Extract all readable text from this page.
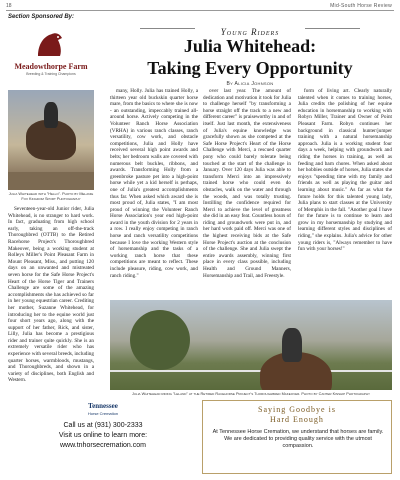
18	Mid-South Horse Review
Section Sponsored By:
Meadowthorpe Farm
Breeding & Training Champions
Young Riders
Julia Whitehead:
Taking Every Opportunity
By Alicia Johnson
Julia Whitehead with "Hello". Photo by Melanie Fox Kingdom Sport Photography

Seventeen-year-old Junior rider, Julia Whitehead, is no stranger to hard work. In fact, graduating from high school early, taking an off-the-track Thoroughbred (OTTB) to the Retired Racehorse Project's Thoroughbred Makeover, being a working student at Rolleys Miller's Point Pleasant Farm in Mount Pleasant, Miss., and putting 120 days on an unwanted and mistreated seven horse for the Safe Horse Project's Heart of the Horse Tiger and Trainers Challenge are some of the amazing accomplishments she has achieved so far in her young equestrian career. Crediting her mother, Suzanne Whitehead, for introducing her to the equine world just four short years ago, along with the support of her father, Rick, and sister, Lilly, Julia has become a prestigious rider and trainer quite quickly. She is an extremely versatile rider who has experience with several breeds, including quarter horses, warmbloods, mustangs, and Thoroughbreds, and shown in a variety of disciplines, both English and Western.

many, Holly. Julia has trained Holly, a thirteen year old buckskin quarter horse mare, from the basics to where she is now - an outstanding, impeccably trained all-around horse. Actively competing in the Volunteer Ranch Horse Association (VRHA) in various ranch classes, ranch versatility, cow work, and obstacle competitions, Julia and Holly have received several high point awards and belts; her bedroom walls are covered with numerous belt buckles, ribbons, and awards. Transforming Holly from a greenbroke pasture pet into a high-point horse while yet a kid herself is perhaps, one of Julia's greatest accomplishments thus far. When asked which award she is most proud of, Julia states, "I am most proud of winning the Volunteer Ranch Horse Association's year end high-point award in the youth division for 2 years in a row. I really enjoy competing in ranch horse and ranch versatility competitions because I love the working Western style of horsemanship and the tasks of a working ranch horse that these competitions are meant to reflect. These include pleasure, riding, cow work, and ranch riding."

over last year. The amount of dedication and motivation it took for Julia to challenge herself "by transforming a horse straight off the track to a new and different career" is praiseworthy in and of itself. Just last month, the extensiveness of Julia's equine knowledge was gracefully shown as she competed at the Safe Horse Project's Heart of the Horse Challenge with Merci, a rescued quarter pony who could barely tolerate being touched at the start of the challenge in January. Over 120 days Julia was able to transform Merci into an impressively trained horse who could even do obstacles, walk on the water and through the woods, and was totally trusting. Instilling the confidence required for Merci to achieve the level of greatness she did in an easy feat. Countless hours of riding and groundwork were put in, and her hard work paid off. Merci was one of the highest receiving bids at the Safe Horse Project's auction at the conclusion of the challenge. She and Julia swept the entire awards assembly, winning first place in every class possible, including Health and Ground Manners, Horsemanship and Trail, and Freestyle.

form of living art. Clearly naturally talented when it comes to training horses, Julia credits the polishing of her equine education in horsemanship to working with Robyn Miller, Trainer and Owner of Point Pleasant Farm. Robyn continues her background in classical hunter/jumper training with a natural horsemanship approach. Julia is a working student four days a week, helping with groundwork and riding the horses in training, as well as feeding and barn chores. When asked about her hobbies outside of horses, Julia states she enjoys "spending time with my family and friends as well as playing the guitar and learning about music." As far as what the future holds for this talented young lady, Julia plans to start classes at the University of Memphis in the fall. "Another goal I have for the future is to continue to learn and grow in my horsemanship by studying and learning different styles and disciplines of riding," she explains. Julia's advice for other young riders is, "Always remember to have fun with your horses!"

Tennessee
Horse Cremation
Call us at (931) 300-2333
Visit us online to learn more:
www.tnhorsecremation.com
Saying Goodbye is
Hard Enough
At Tennessee Horse Cremation, we understand that horses are family. We are dedicated to providing quality service with the utmost compassion.
Julia Whitehead riding "Leland" at the Retired Racehorse Project's Thoroughbred Makeover. Photo by Canter Kinship Photography
